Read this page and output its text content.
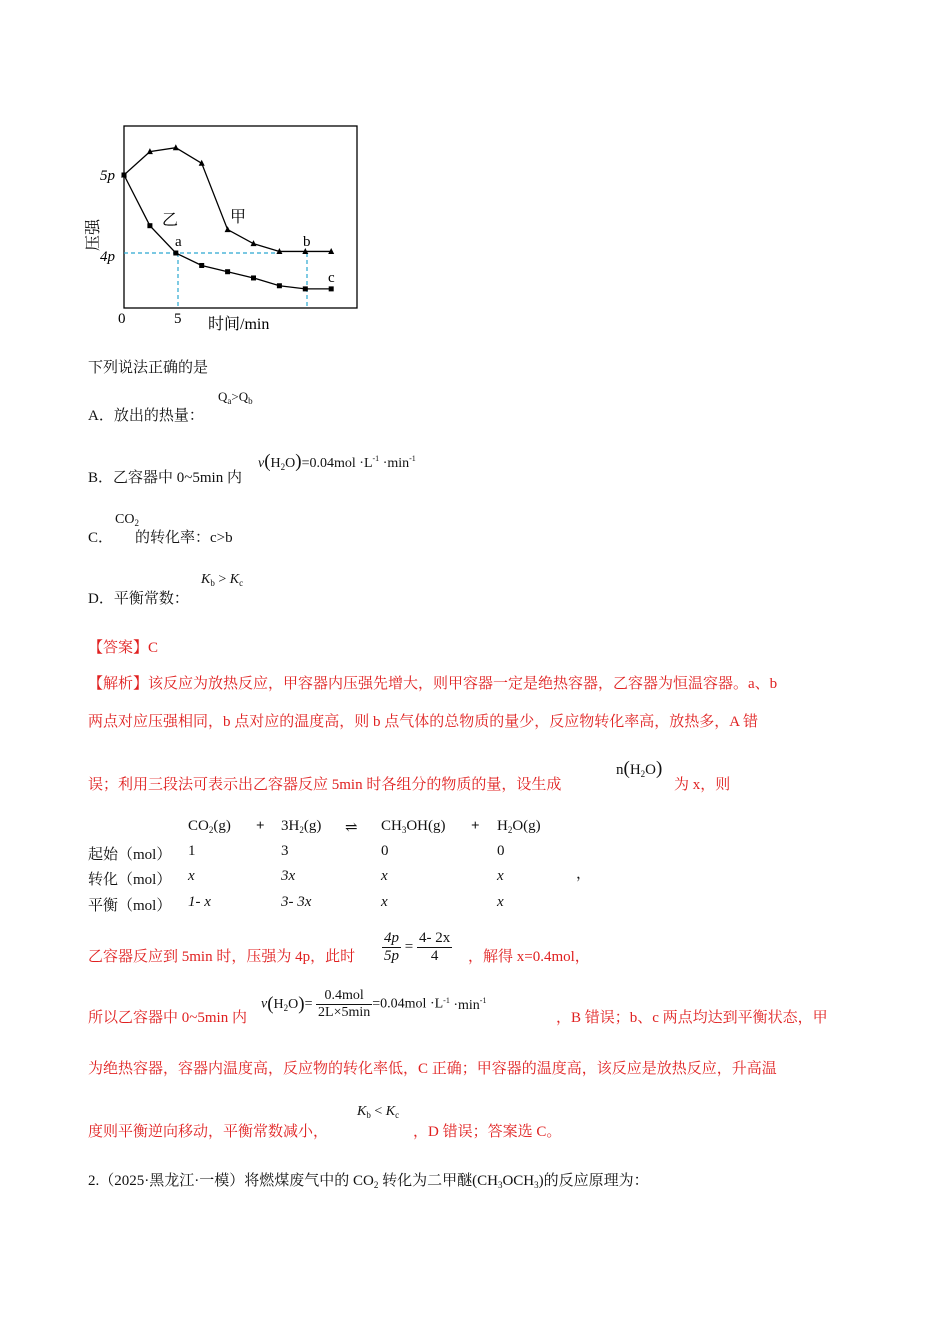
压强
5p
4p
0	5 时间/min
乙	甲
a	b
c
下列说法正确的是
A．放出的热量：
$Q_a>Q_b$
B．乙容器中 0~5min 内
$v(H_2O)=0.04mol \cdot L^{-1} \cdot\min^{-1}$
$CO_2$
C． 的转化率：c>b
D．平衡常数：
$K_b > K_c$
【答案】C
【解析】该反应为放热反应，甲容器内压强先增大，则甲容器一定是绝热容器，乙容器为恒温容器。a、b
两点对应压强相同，b 点对应的温度高，则 b 点气体的总物质的量少，反应物转化率高，放热多，A 错
误；利用三段法可表示出乙容器反应 5min 时各组分的物质的量，设生成
$n(H_2O)$
为 x，则
$CO_2(g) + 3H_2(g)$ ⇌ $CH_3OH(g) + H_2O(g)$
起始（mol） 1	3	0	0
转化（mol） x	3x	x	x	，
平衡（mol） 1- x	3- 3x	x	x
乙容器反应到 5min 时，压强为 4p，此时 $\frac{4p}{5p} = \frac{4- 2x}{4}$ ，解得 x=0.4mol，
所以乙容器中 0~5min 内
$v(H_2O)= \frac{\text{0.4mol}}{2L\times 5\min} =0.04mol \cdot L^{-1} \cdot\min^{-1}$
，B 错误；b、c 两点均达到平衡状态，甲
为绝热容器，容器内温度高，反应物的转化率低，C 正确；甲容器的温度高，该反应是放热反应，升高温
度则平衡逆向移动，平衡常数减小，
$K_b < K_c$
，D 错误；答案选 C。
2.（2025·黑龙江·一模）将燃煤废气中的 $CO_2$ 转化为二甲醚$(CH_3OCH_3)$的反应原理为：
